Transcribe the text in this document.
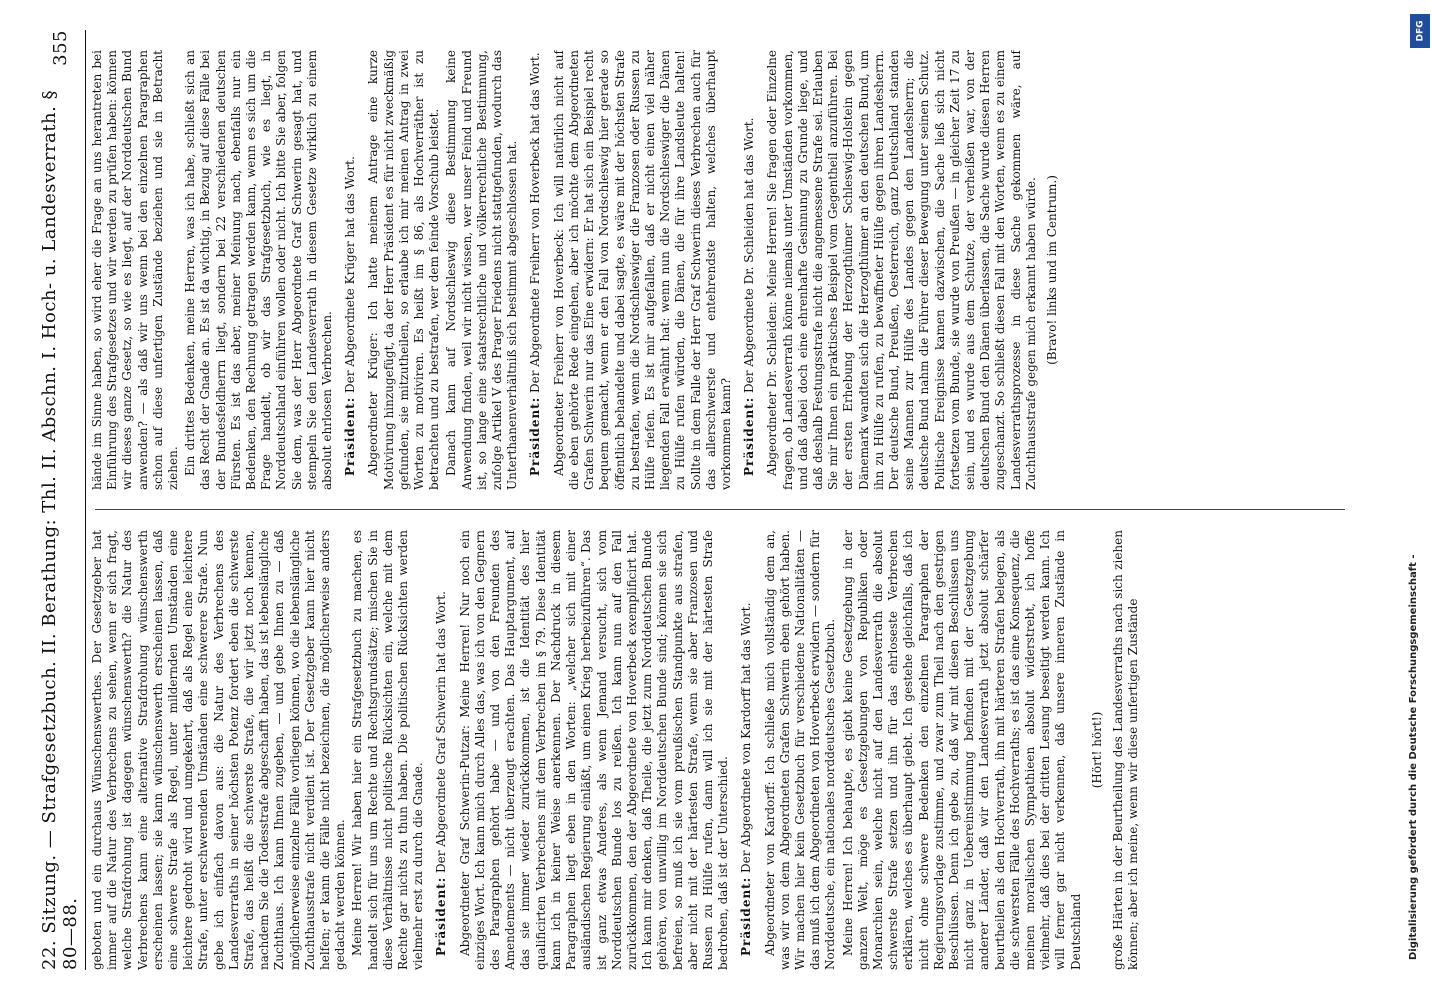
22. Sitzung. — Strafgesetzbuch. II. Berathung: Thl. II. Abschn. I. Hoch- u. Landesverrath. § 80—88.
355

geboten und ein durchaus Wünschenswerthes. Der Gesetzgeber hat immer auf die Natur des Verbrechens zu sehen, wenn er sich fragt, welche Strafdrohung ist dagegen wünschenswerth? die Natur des Verbrechens kann eine alternative Strafdrohung wünschenswerth erscheinen lassen; sie kann wünschenswerth erscheinen lassen, daß eine schwere Strafe als Regel, unter mildernden Umständen eine leichtere gedroht wird und umgekehrt, daß als Regel eine leichtere Strafe, unter erschwerenden Umständen eine schwerere Strafe. Nun gebe ich einfach davon aus: die Natur des Verbrechens des Landesverraths in seiner höchsten Potenz fordert eben die schwerste Strafe, das heißt die schwerste Strafe, die wir jetzt noch kennen, nachdem Sie die Todesstrafe abgeschafft haben, das ist lebenslängliche Zuchthaus. Ich kann Ihnen zugeben, — und gebe Ihnen zu — daß möglicherweise einzelne Fälle vorliegen können, wo die lebenslängliche Zuchthausstrafe nicht verdient ist. Der Gesetzgeber kann hier nicht helfen; er kann die Fälle nicht bezeichnen, die möglicherweise anders gedacht werden können. Meine Herren! Wir haben hier ein Strafgesetzbuch zu machen, es handelt sich für uns um Rechte und Rechtsgrundsätze; mischen Sie in diese Verhältnisse nicht politische Rücksichten ein, welche mit dem Rechte gar nichts zu thun haben. Die politischen Rücksichten werden vielmehr erst zu durch die Gnade. Präsident: Der Abgeordnete Graf Schwerin hat das Wort. Abgeordneter Graf Schwerin-Putzar: Meine Herren! Nur noch ein einziges Wort. Ich kann mich durch Alles das, was ich von den Gegnern des Paragraphen gehört habe — und von den Freunden des Amendements — nicht überzeugt erachten. Das Hauptargument, auf das sie immer wieder zurückkommen, ist die Identität des hier qualificirten Verbrechens mit dem Verbrechen im § 79. Diese Identität kann ich in keiner Weise anerkennen. Der Nachdruck in diesem Paragraphen liegt eben in den Worten: „welcher sich mit einer ausländischen Regierung einläßt, um einen Krieg herbeizuführen“. Das ist ganz etwas Anderes, als wenn Jemand versucht, sich vom Norddeutschen Bunde los zu reißen. Ich kann nun auf den Fall zurückkommen, den der Abgeordnete von Hoverbeck exemplificirt hat. Ich kann mir denken, daß Theile, die jetzt zum Norddeutschen Bunde gehören, von unwillig im Norddeutschen Bunde sind; können sie sich befreien, so muß ich sie vom preußischen Standpunkte aus strafen, aber nicht mit der härtesten Strafe, wenn sie aber Franzosen und Russen zu Hülfe rufen, dann will ich sie mit der härtesten Strafe bedrohen, daß ist der Unterschied. Präsident: Der Abgeordnete von Kardorff hat das Wort. Abgeordneter von Kardorff: Ich schließe mich vollständig dem an, was wir von dem Abgeordneten Grafen Schwerin eben gehört haben. Wir machen hier kein Gesetzbuch für verschiedene Nationalitäten — das muß ich dem Abgeordneten von Hoverbeck erwidern — sondern für Norddeutsche, ein nationales norddeutsches Gesetzbuch. Meine Herren! Ich behaupte, es giebt keine Gesetzgebung in der ganzen Welt, möge es Gesetzgebungen von Republiken oder Monarchien sein, welche nicht auf den Landesverrath die absolut schwerste Strafe setzen und ihn für das ehrloseste Verbrechen erklären, welches es überhaupt giebt. Ich gestehe gleichfalls, daß ich nicht ohne schwere Bedenken den einzelnen Paragraphen der Regierungsvorlage zustimme, und zwar zum Theil nach den gestrigen Beschlüssen. Denn ich gebe zu, daß wir mit diesen Beschlüssen uns nicht ganz in Uebereinstimmung befinden mit der Gesetzgebung anderer Länder, daß wir den Landesverrath jetzt absolut schärfer beurtheilen als den Hochverrath, ihn mit härteren Strafen belegen, als die schwersten Fälle des Hochverraths; es ist das eine Konsequenz, die meinen moralischen Sympathieen absolut widerstrebt, ich hoffe vielmehr, daß dies bei der dritten Lesung beseitigt werden kann. Ich will ferner gar nicht verkennen, daß unsere inneren Zustände in Deutschland

(Hört! hört!) große Härten in der Beurtheilung des Landesverraths nach sich ziehen können; aber ich meine, wenn wir diese unfertigen Zustände

hände im Sinne haben, so wird eher die Frage an uns herantreten bei Einführung des Strafgesetzes und wir werden zu prüfen haben: können wir dieses ganze Gesetz, so wie es liegt, auf der Norddeutschen Bund anwenden? — als daß wir uns wenn bei den einzelnen Paragraphen schon auf diese unfertigen Zustände beziehen und sie in Betracht ziehen. Ein drittes Bedenken, meine Herren, was ich habe, schließt sich an das Recht der Gnade an. Es ist da wichtig, in Bezug auf diese Fälle bei der Bundesfeldherrn liegt, sondern bei 22 verschiedenen deutschen Fürsten. Es ist das aber, meiner Meinung nach, ebenfalls nur ein Bedenken, den Rechnung getragen werden kann, wenn es sich um die Frage handelt, ob wir das Strafgesetzbuch, wie es liegt, in Norddeutschland einführen wollen oder nicht. Ich bitte Sie aber, folgen Sie dem, was der Herr Abgeordnete Graf Schwerin gesagt hat, und stempeln Sie den Landesverrath in diesem Gesetze wirklich zu einem absolut ehrlosen Verbrechen. Präsident: Der Abgeordnete Krüger hat das Wort. Abgeordneter Krüger: Ich hatte meinem Antrage eine kurze Motivirung hinzugefügt, da der Herr Präsident es für nicht zweckmäßig gefunden, sie mitzutheilen, so erlaube ich mir meinen Antrag in zwei Worten zu motiviren. Es heißt im § 86, als Hochverräther ist zu betrachten und zu bestrafen, wer dem feinde Vorschub leistet. Danach kann auf Nordschleswig diese Bestimmung keine Anwendung finden, weil wir nicht wissen, wer unser Feind und Freund ist, so lange eine staatsrechtliche und völkerrechtliche Bestimmung, zufolge Artikel V des Prager Friedens nicht stattgefunden, wodurch das Unterthanenverhältniß sich bestimmt abgeschlossen hat. Präsident: Der Abgeordnete Freiherr von Hoverbeck hat das Wort. Abgeordneter Freiherr von Hoverbeck: Ich will natürlich nicht auf die eben gehörte Rede eingehen, aber ich möchte dem Abgeordneten Grafen Schwerin nur das Eine erwidern: Er hat sich ein Beispiel recht bequem gemacht, wenn er den Fall von Nordschleswig hier gerade so öffentlich behandelte und dabei sagte, es wäre mit der höchsten Strafe zu bestrafen, wenn die Nordschleswiger die Franzosen oder Russen zu Hülfe riefen. Es ist mir aufgefallen, daß er nicht einen viel näher liegenden Fall erwähnt hat: wenn nun die Nordschleswiger die Dänen zu Hülfe rufen würden, die Dänen, die für ihre Landsleute halten! Sollte in dem Falle der Herr Graf Schwerin dieses Verbrechen auch für das allerschwerste und entehrendste halten, welches überhaupt vorkommen kann? Präsident: Der Abgeordnete Dr. Schleiden hat das Wort. Abgeordneter Dr. Schleiden: Meine Herren! Sie fragen oder Einzelne fragen, ob Landesverrath könne niemals unter Umständen vorkommen, und daß dabei doch eine ehrenhafte Gesinnung zu Grunde liege, und daß deshalb Festungsstrafe nicht die angemessene Strafe sei. Erlauben Sie mir Ihnen ein praktisches Beispiel vom Gegentheil anzuführen. Bei der ersten Erhebung der Herzogthümer Schleswig-Holstein gegen Dänemark wandten sich die Herzogthümer an den deutschen Bund, um ihn zu Hülfe zu rufen, zu bewaffneter Hülfe gegen ihren Landesherrn. Der deutsche Bund, Preußen, Oesterreich, ganz Deutschland standen seine Mannen zur Hülfe des Landes gegen den Landesherrn; die deutsche Bund nahm die Führer dieser Bewegung unter seinen Schutz. Politische Ereignisse kamen dazwischen, die Sache ließ sich nicht fortsetzen vom Bunde, sie wurde von Preußen — in gleicher Zeit 17 zu sein, und es wurde aus dem Schutze, der verheißen war, von der deutschen Bund den Dänen überlassen, die Sache wurde diesen Herren zugeschanzt. So schließt diesen Fall mit den Worten, wenn es zu einem Landesverrathsprozesse in diese Sache gekommen wäre, auf Zuchthausstrafe gegen mich erkannt haben würde. (Bravo! links und im Centrum.)

DFG
Digitalisierung gefördert durch die Deutsche Forschungsgemeinschaft -
